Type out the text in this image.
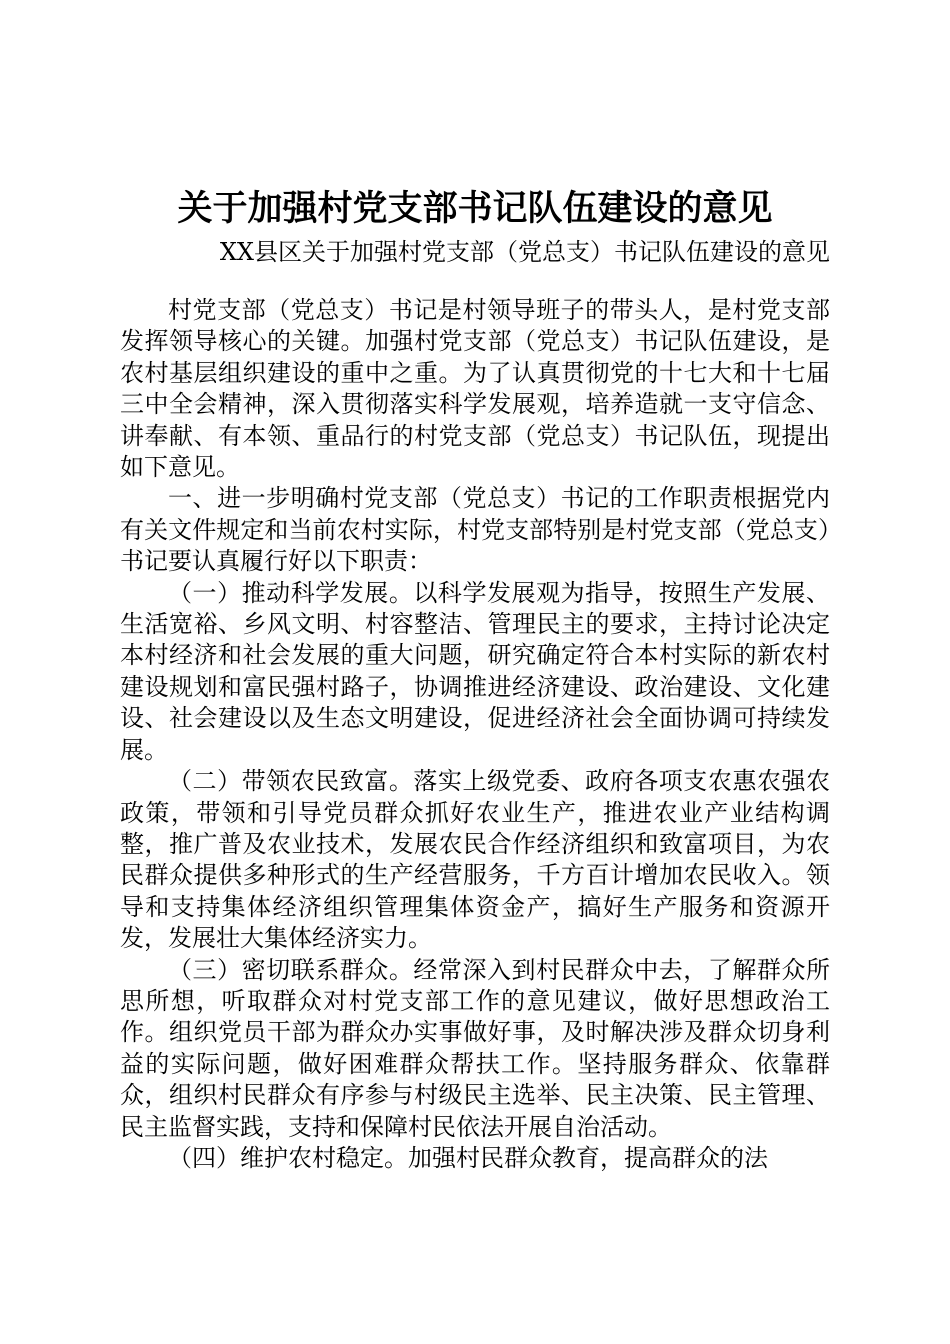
关于加强村党支部书记队伍建设的意见
XX县区关于加强村党支部（党总支）书记队伍建设的意见

村党支部（党总支）书记是村领导班子的带头人，是村党支部发挥领导核心的关键。加强村党支部（党总支）书记队伍建设，是农村基层组织建设的重中之重。为了认真贯彻党的十七大和十七届三中全会精神，深入贯彻落实科学发展观，培养造就一支守信念、讲奉献、有本领、重品行的村党支部（党总支）书记队伍，现提出如下意见。

一、进一步明确村党支部（党总支）书记的工作职责根据党内有关文件规定和当前农村实际，村党支部特别是村党支部（党总支）书记要认真履行好以下职责：

（一）推动科学发展。以科学发展观为指导，按照生产发展、生活宽裕、乡风文明、村容整洁、管理民主的要求，主持讨论决定本村经济和社会发展的重大问题，研究确定符合本村实际的新农村建设规划和富民强村路子，协调推进经济建设、政治建设、文化建设、社会建设以及生态文明建设，促进经济社会全面协调可持续发展。

（二）带领农民致富。落实上级党委、政府各项支农惠农强农政策，带领和引导党员群众抓好农业生产，推进农业产业结构调整，推广普及农业技术，发展农民合作经济组织和致富项目，为农民群众提供多种形式的生产经营服务，千方百计增加农民收入。领导和支持集体经济组织管理集体资金产，搞好生产服务和资源开发，发展壮大集体经济实力。

（三）密切联系群众。经常深入到村民群众中去，了解群众所思所想，听取群众对村党支部工作的意见建议，做好思想政治工作。组织党员干部为群众办实事做好事，及时解决涉及群众切身利益的实际问题，做好困难群众帮扶工作。坚持服务群众、依靠群众，组织村民群众有序参与村级民主选举、民主决策、民主管理、民主监督实践，支持和保障村民依法开展自治活动。

（四）维护农村稳定。加强村民群众教育，提高群众的法
